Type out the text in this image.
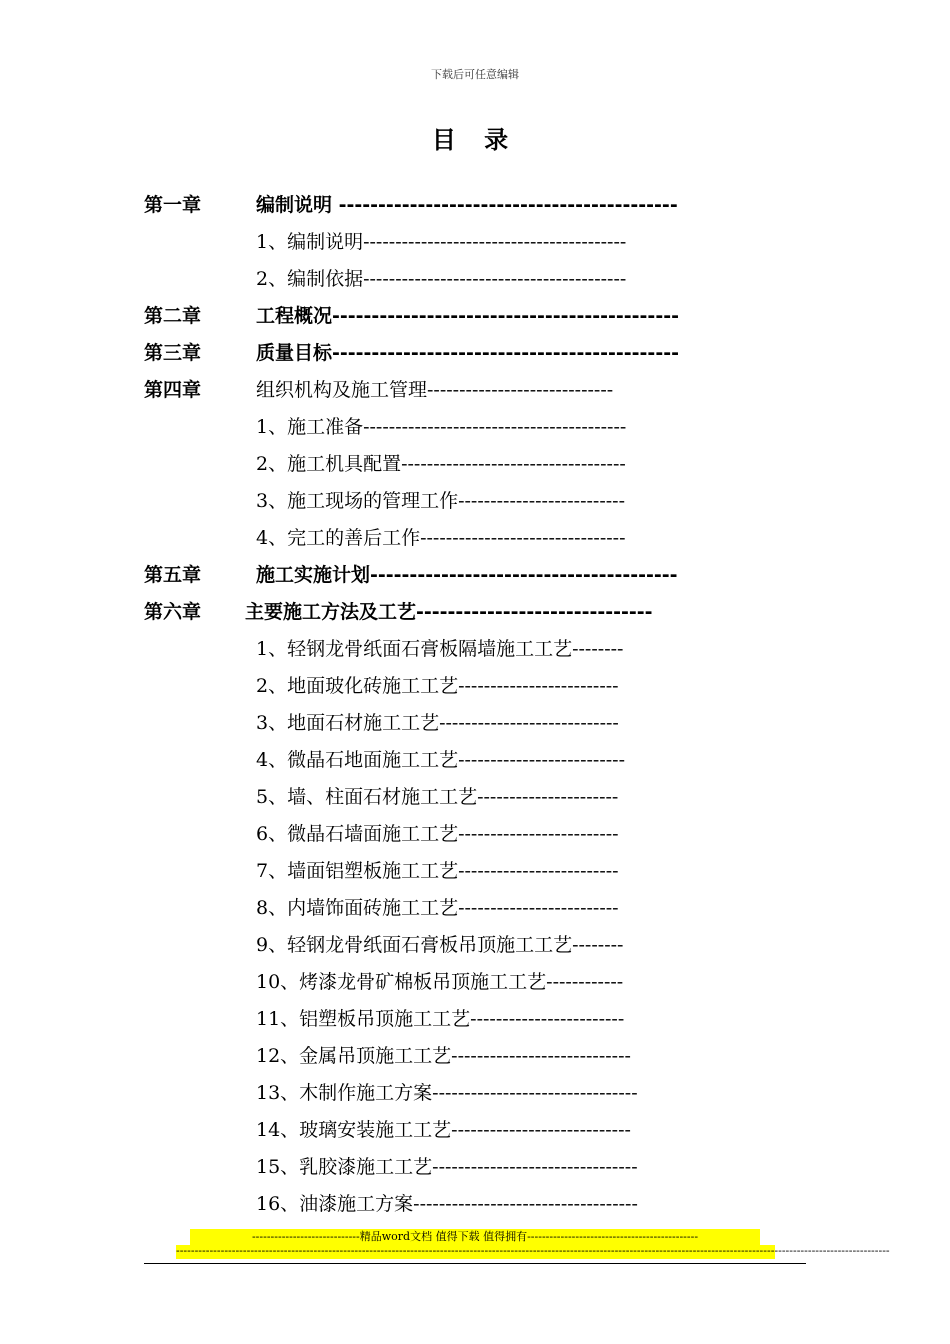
下载后可任意编辑
目 录
第一章	编制说明 -------------------------------------------
1、编制说明-----------------------------------------
2、编制依据-----------------------------------------
第二章	工程概况--------------------------------------------
第三章	质量目标--------------------------------------------
第四章	组织机构及施工管理-----------------------------
1、施工准备-----------------------------------------
2、施工机具配置-----------------------------------
3、施工现场的管理工作--------------------------
4、完工的善后工作--------------------------------
第五章	施工实施计划---------------------------------------
第六章 主要施工方法及工艺------------------------------
1、轻钢龙骨纸面石膏板隔墙施工工艺--------
2、地面玻化砖施工工艺-------------------------
3、地面石材施工工艺----------------------------
4、微晶石地面施工工艺--------------------------
5、墙、柱面石材施工工艺----------------------
6、微晶石墙面施工工艺-------------------------
7、墙面铝塑板施工工艺-------------------------
8、内墙饰面砖施工工艺-------------------------
9、轻钢龙骨纸面石膏板吊顶施工工艺--------
10、烤漆龙骨矿棉板吊顶施工工艺------------
11、铝塑板吊顶施工工艺------------------------
12、金属吊顶施工工艺----------------------------
13、木制作施工方案--------------------------------
14、玻璃安装施工工艺----------------------------
15、乳胶漆施工工艺--------------------------------
16、油漆施工方案-----------------------------------
-----------------------------精品word文档 值得下载 值得拥有----------------------------------------------
------------------------------------------------------------------------------------------------------------------------------------------------------------------------------------------------
